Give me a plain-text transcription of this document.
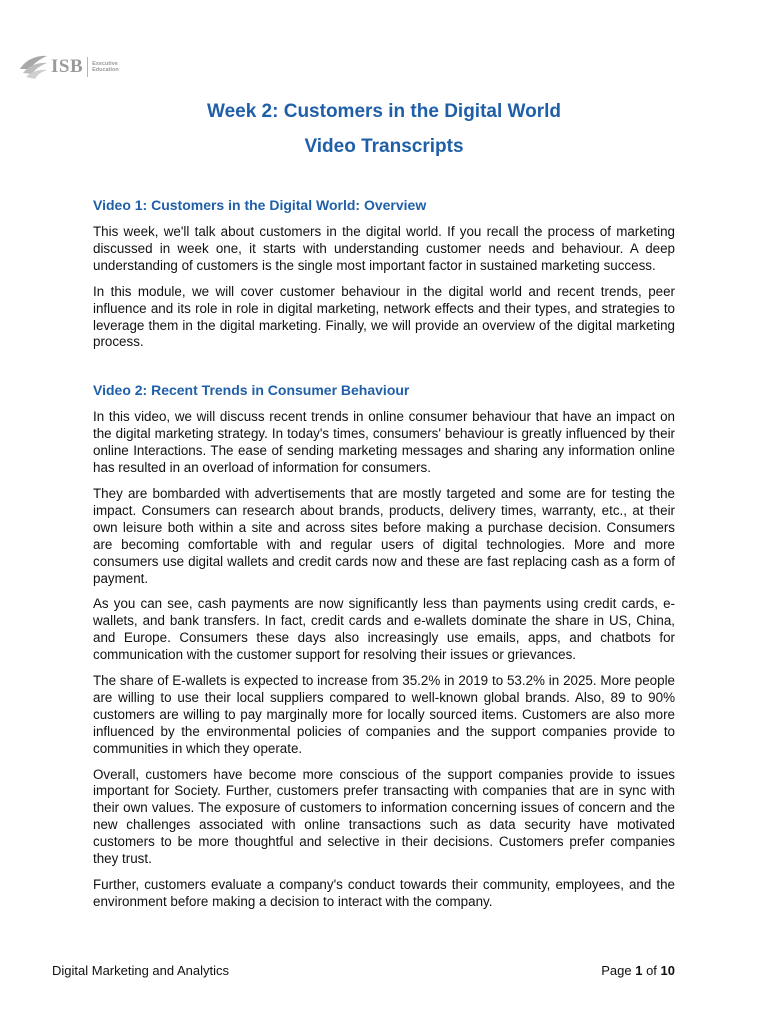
ISB Executive
Education
Week 2: Customers in the Digital World
Video Transcripts
Video 1: Customers in the Digital World: Overview

This week, we'll talk about customers in the digital world. If you recall the process of marketing discussed in week one, it starts with understanding customer needs and behaviour. A deep understanding of customers is the single most important factor in sustained marketing success.

In this module, we will cover customer behaviour in the digital world and recent trends, peer influence and its role in role in digital marketing, network effects and their types, and strategies to leverage them in the digital marketing. Finally, we will provide an overview of the digital marketing process.

Video 2: Recent Trends in Consumer Behaviour

In this video, we will discuss recent trends in online consumer behaviour that have an impact on the digital marketing strategy. In today's times, consumers' behaviour is greatly influenced by their online Interactions. The ease of sending marketing messages and sharing any information online has resulted in an overload of information for consumers.

They are bombarded with advertisements that are mostly targeted and some are for testing the impact. Consumers can research about brands, products, delivery times, warranty, etc., at their own leisure both within a site and across sites before making a purchase decision. Consumers are becoming comfortable with and regular users of digital technologies. More and more consumers use digital wallets and credit cards now and these are fast replacing cash as a form of payment.

As you can see, cash payments are now significantly less than payments using credit cards, e-wallets, and bank transfers. In fact, credit cards and e-wallets dominate the share in US, China, and Europe. Consumers these days also increasingly use emails, apps, and chatbots for communication with the customer support for resolving their issues or grievances.

The share of E-wallets is expected to increase from 35.2% in 2019 to 53.2% in 2025. More people are willing to use their local suppliers compared to well-known global brands. Also, 89 to 90% customers are willing to pay marginally more for locally sourced items. Customers are also more influenced by the environmental policies of companies and the support companies provide to communities in which they operate.

Overall, customers have become more conscious of the support companies provide to issues important for Society. Further, customers prefer transacting with companies that are in sync with their own values. The exposure of customers to information concerning issues of concern and the new challenges associated with online transactions such as data security have motivated customers to be more thoughtful and selective in their decisions. Customers prefer companies they trust.

Further, customers evaluate a company's conduct towards their community, employees, and the environment before making a decision to interact with the company.

Digital Marketing and Analytics	Page 1 of 10
